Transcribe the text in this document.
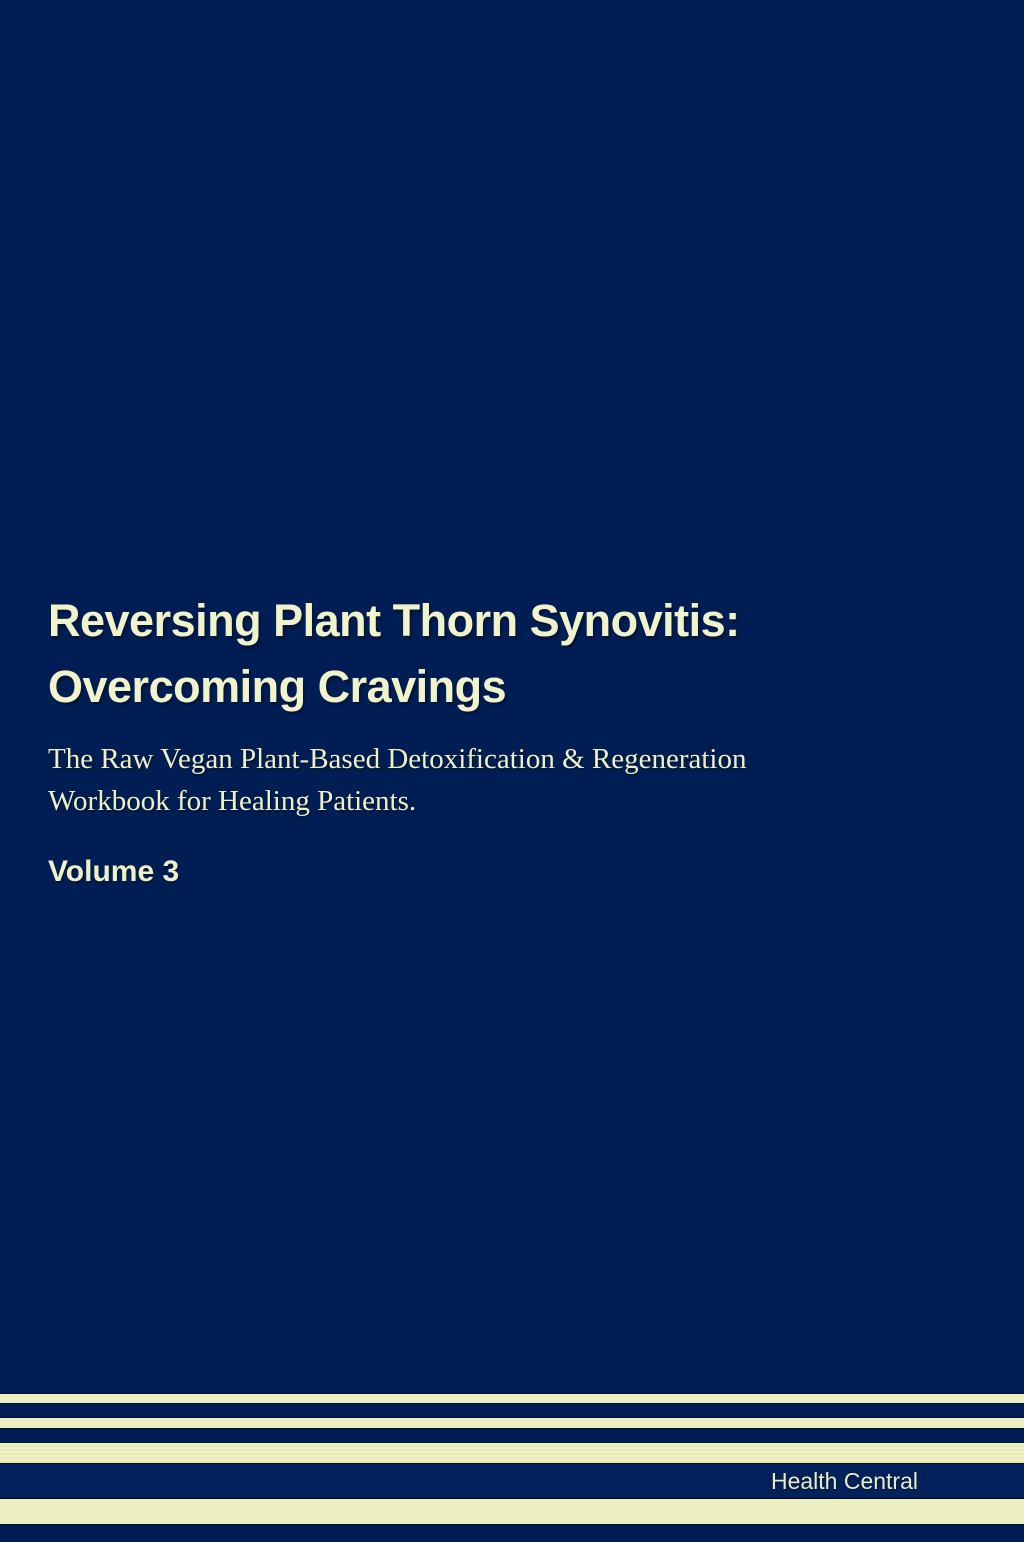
Reversing Plant Thorn Synovitis:
Overcoming Cravings

The Raw Vegan Plant-Based Detoxification & Regeneration
Workbook for Healing Patients.

Volume 3

Health Central
